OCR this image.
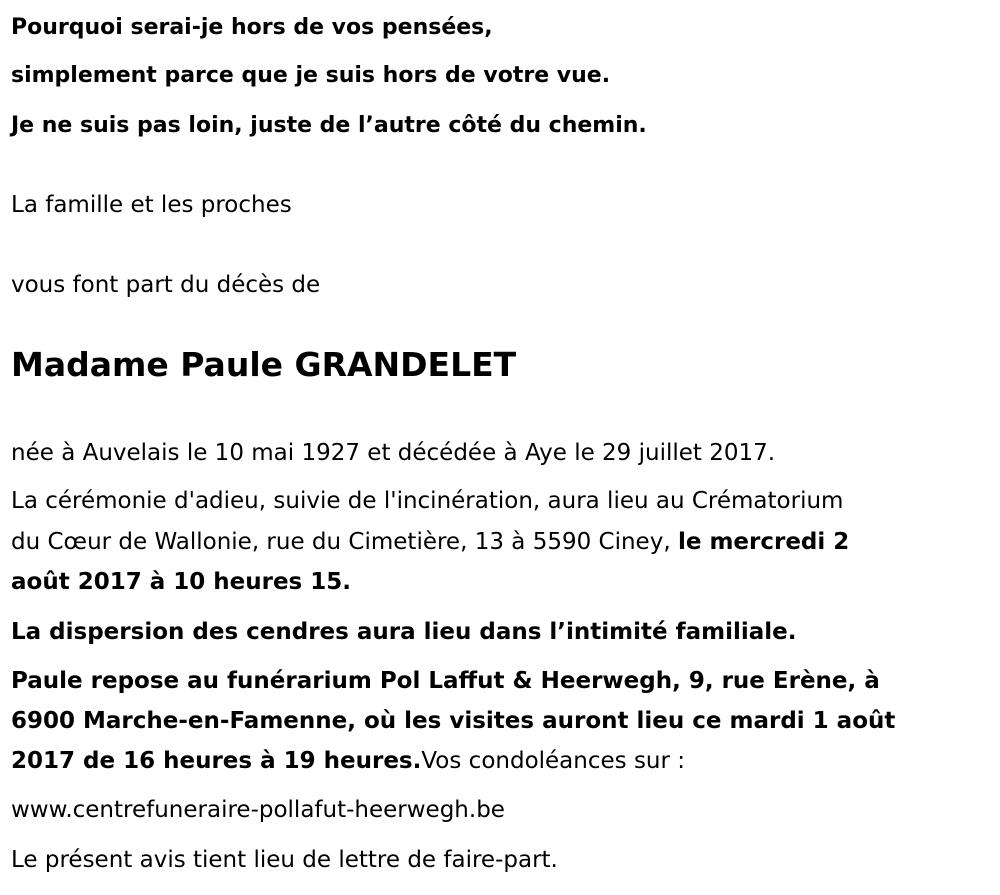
Pourquoi serai-je hors de vos pensées,
simplement parce que je suis hors de votre vue.
Je ne suis pas loin, juste de l’autre côté du chemin.
La famille et les proches
vous font part du décès de
Madame Paule GRANDELET
née à Auvelais le 10 mai 1927 et décédée à Aye le 29 juillet 2017.
La cérémonie d'adieu, suivie de l'incinération, aura lieu au Crématorium
du Cœur de Wallonie, rue du Cimetière, 13 à 5590 Ciney, le mercredi 2
août 2017 à 10 heures 15.
La dispersion des cendres aura lieu dans l’intimité familiale.
Paule repose au funérarium Pol Laffut & Heerwegh, 9, rue Erène, à
6900 Marche-en-Famenne, où les visites auront lieu ce mardi 1 août
2017 de 16 heures à 19 heures.Vos condoléances sur :
www.centrefuneraire-pollafut-heerwegh.be
Le présent avis tient lieu de lettre de faire-part.
